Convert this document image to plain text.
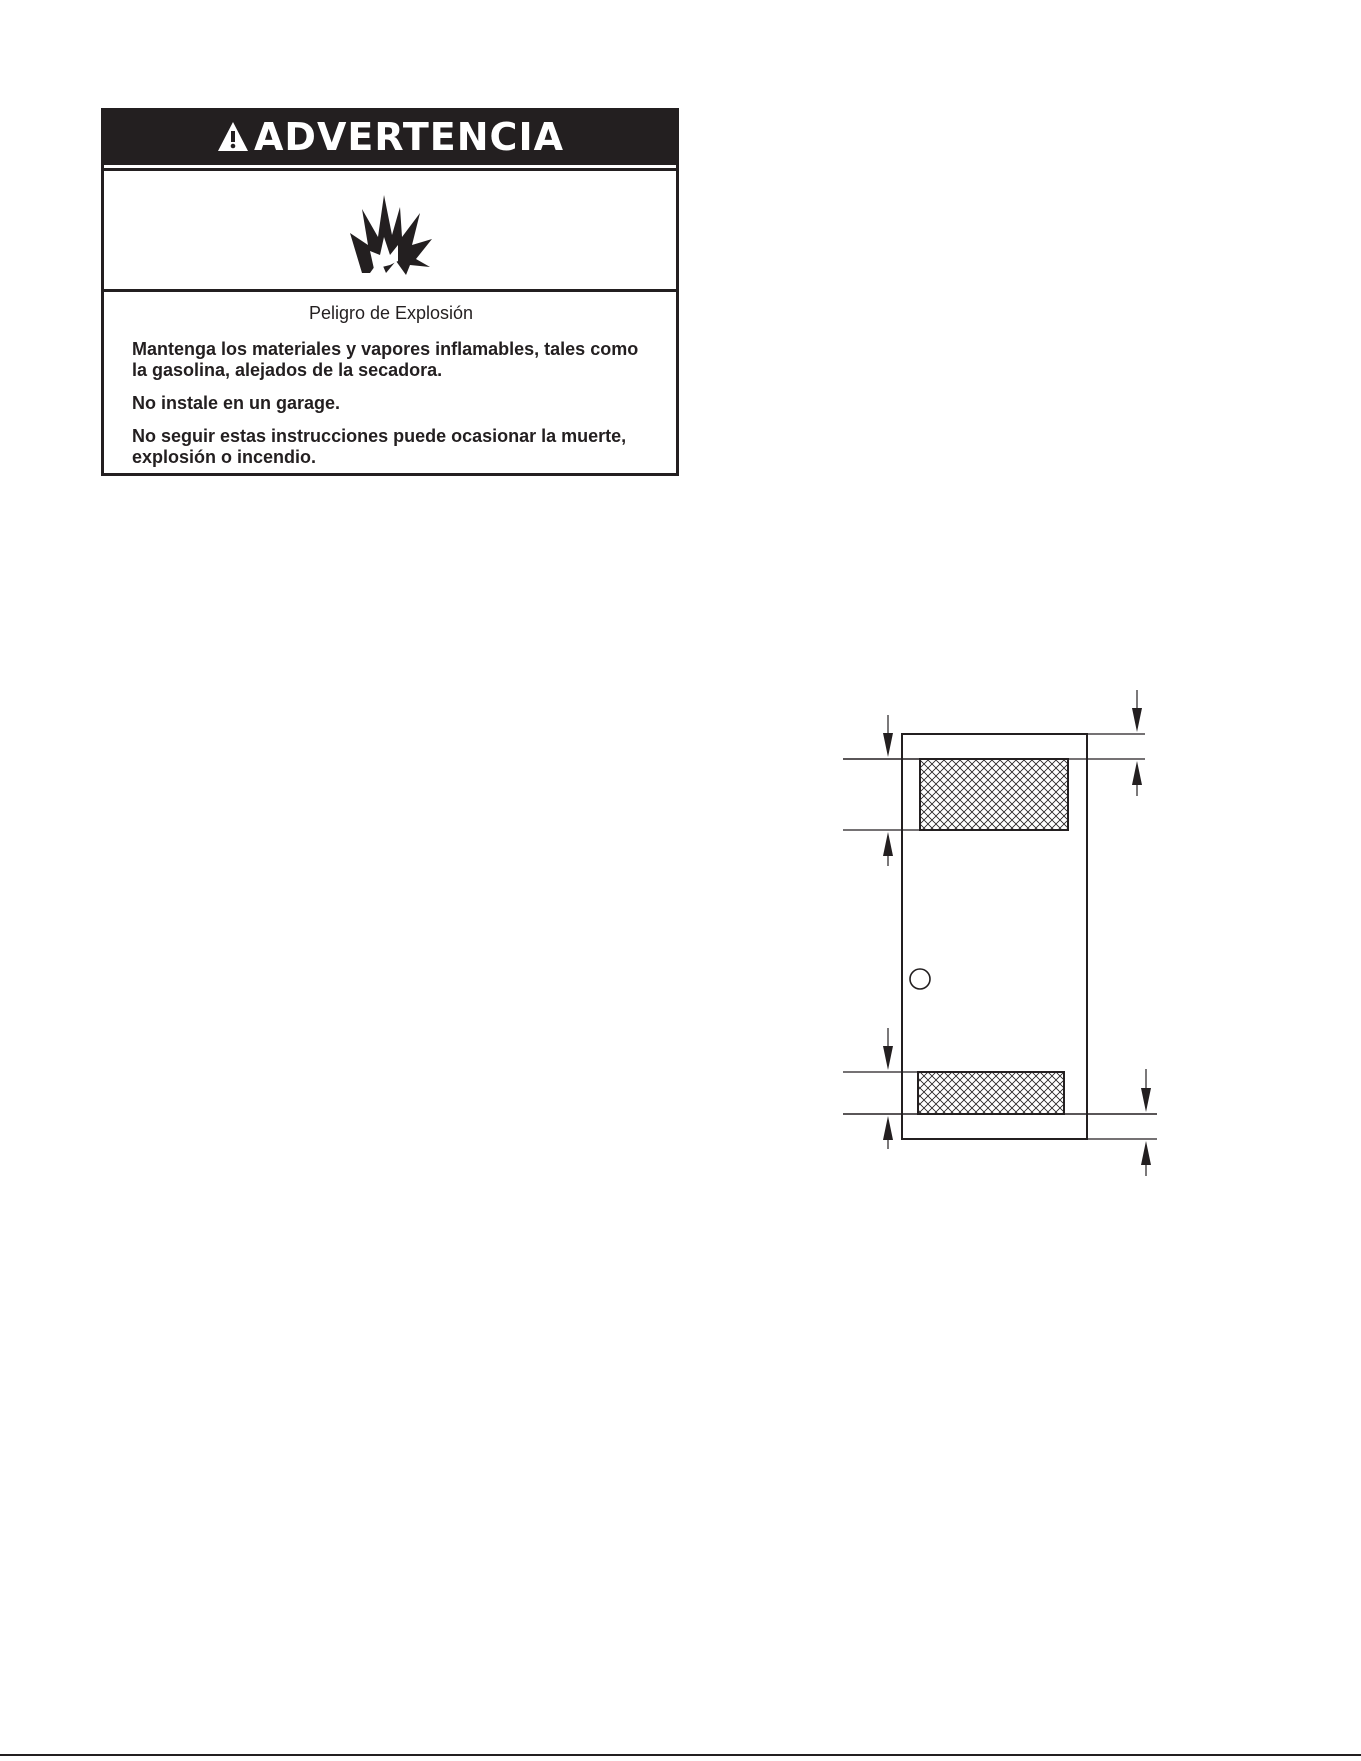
ADVERTENCIA
Peligro de Explosión

Mantenga los materiales y vapores inflamables, tales como la gasolina, alejados de la secadora.

No instale en un garage.

No seguir estas instrucciones puede ocasionar la muerte, explosión o incendio.
